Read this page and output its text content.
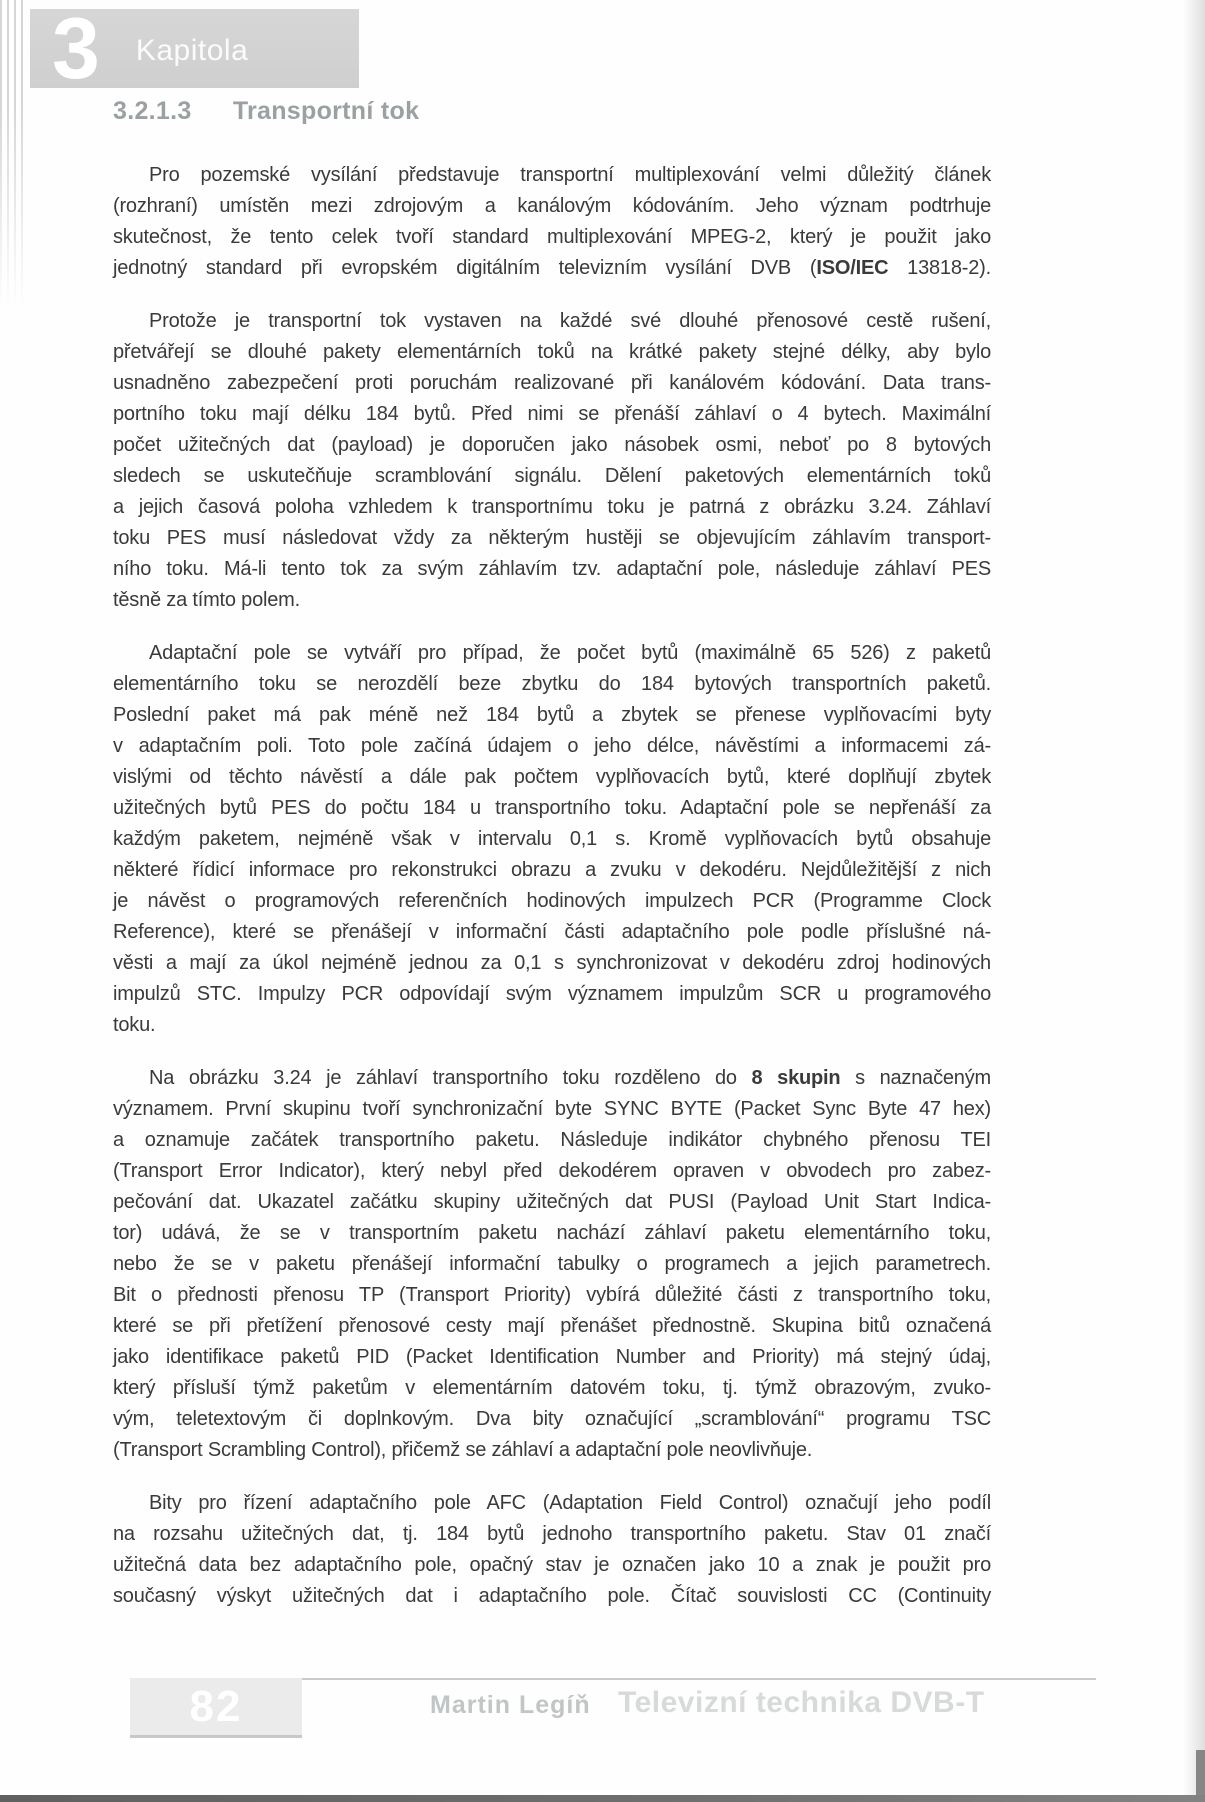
3 Kapitola
3.2.1.3 Transportní tok
Pro pozemské vysílání představuje transportní multiplexování velmi důležitý článek
(rozhraní) umístěn mezi zdrojovým a kanálovým kódováním. Jeho význam podtrhuje
skutečnost, že tento celek tvoří standard multiplexování MPEG-2, který je použit jako
jednotný standard při evropském digitálním televizním vysílání DVB (ISO/IEC 13818-2).
Protože je transportní tok vystaven na každé své dlouhé přenosové cestě rušení,
přetvářejí se dlouhé pakety elementárních toků na krátké pakety stejné délky, aby bylo
usnadněno zabezpečení proti poruchám realizované při kanálovém kódování. Data trans-
portního toku mají délku 184 bytů. Před nimi se přenáší záhlaví o 4 bytech. Maximální
počet užitečných dat (payload) je doporučen jako násobek osmi, neboť po 8 bytových
sledech se uskutečňuje scramblování signálu. Dělení paketových elementárních toků
a jejich časová poloha vzhledem k transportnímu toku je patrná z obrázku 3.24. Záhlaví
toku PES musí následovat vždy za některým hustěji se objevujícím záhlavím transport-
ního toku. Má-li tento tok za svým záhlavím tzv. adaptační pole, následuje záhlaví PES
těsně za tímto polem.
Adaptační pole se vytváří pro případ, že počet bytů (maximálně 65 526) z paketů
elementárního toku se nerozdělí beze zbytku do 184 bytových transportních paketů.
Poslední paket má pak méně než 184 bytů a zbytek se přenese vyplňovacími byty
v adaptačním poli. Toto pole začíná údajem o jeho délce, návěstími a informacemi zá-
vislými od těchto návěstí a dále pak počtem vyplňovacích bytů, které doplňují zbytek
užitečných bytů PES do počtu 184 u transportního toku. Adaptační pole se nepřenáší za
každým paketem, nejméně však v intervalu 0,1 s. Kromě vyplňovacích bytů obsahuje
některé řídicí informace pro rekonstrukci obrazu a zvuku v dekodéru. Nejdůležitější z nich
je návěst o programových referenčních hodinových impulzech PCR (Programme Clock
Reference), které se přenášejí v informační části adaptačního pole podle příslušné ná-
věsti a mají za úkol nejméně jednou za 0,1 s synchronizovat v dekodéru zdroj hodinových
impulzů STC. Impulzy PCR odpovídají svým významem impulzům SCR u programového
toku.
Na obrázku 3.24 je záhlaví transportního toku rozděleno do 8 skupin s naznačeným
významem. První skupinu tvoří synchronizační byte SYNC BYTE (Packet Sync Byte 47 hex)
a oznamuje začátek transportního paketu. Následuje indikátor chybného přenosu TEI
(Transport Error Indicator), který nebyl před dekodérem opraven v obvodech pro zabez-
pečování dat. Ukazatel začátku skupiny užitečných dat PUSI (Payload Unit Start Indica-
tor) udává, že se v transportním paketu nachází záhlaví paketu elementárního toku,
nebo že se v paketu přenášejí informační tabulky o programech a jejich parametrech.
Bit o přednosti přenosu TP (Transport Priority) vybírá důležité části z transportního toku,
které se při přetížení přenosové cesty mají přenášet přednostně. Skupina bitů označená
jako identifikace paketů PID (Packet Identification Number and Priority) má stejný údaj,
který přísluší týmž paketům v elementárním datovém toku, tj. týmž obrazovým, zvuko-
vým, teletextovým či doplnkovým. Dva bity označující „scramblování“ programu TSC
(Transport Scrambling Control), přičemž se záhlaví a adaptační pole neovlivňuje.
Bity pro řízení adaptačního pole AFC (Adaptation Field Control) označují jeho podíl
na rozsahu užitečných dat, tj. 184 bytů jednoho transportního paketu. Stav 01 značí
užitečná data bez adaptačního pole, opačný stav je označen jako 10 a znak je použit pro
současný výskyt užitečných dat i adaptačního pole. Čítač souvislosti CC (Continuity
82	Martin Legíň Televizní technika DVB-T
